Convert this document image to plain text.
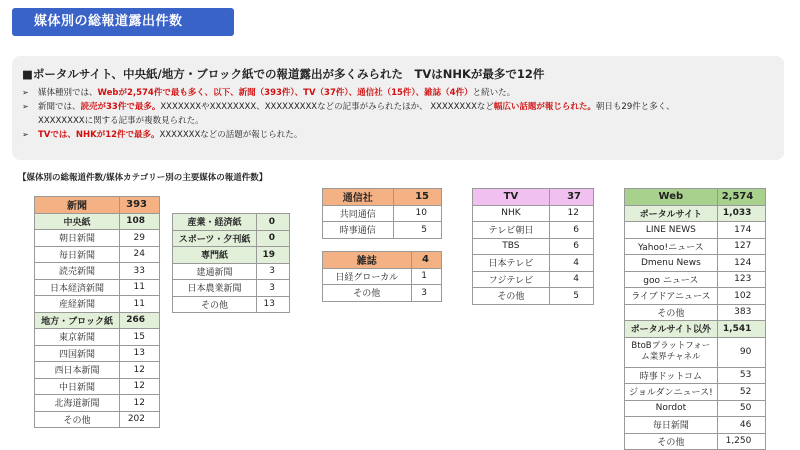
媒体別の総報道露出件数
■ポータルサイト、中央紙/地方・ブロック紙での報道露出が多くみられた　TVはNHKが最多で12件
➢ 媒体種別では、Webが2,574件で最も多く、以下、新聞（393件）、TV（37件）、通信社（15件）、雑誌（4件）と続いた。
➢ 新聞では、読売が33件で最多。XXXXXXXやXXXXXXXX、XXXXXXXXXなどの記事がみられたほか、 XXXXXXXXなど幅広い話題が報じられた。朝日も29件と多く、
XXXXXXXXに関する記事が複数見られた。
➢ TVでは、NHKが12件で最多。XXXXXXXなどの話題が報じられた。
【媒体別の総報道件数/媒体カテゴリー別の主要媒体の報道件数】
新聞	393
中央紙	108
朝日新聞	29
毎日新聞	24
読売新聞	33
日本経済新聞	11
産経新聞	11
地方・ブロック紙	266
東京新聞	15
四国新聞	13
西日本新聞	12
中日新聞	12
北海道新聞	12
その他	202
産業・経済紙	0
スポーツ・夕刊紙	0
専門紙	19
建通新聞	3
日本農業新聞	3
その他	13
通信社	15
共同通信	10
時事通信	5
雑誌	4
日経グローカル	1
その他	3
TV	37
NHK	12
テレビ朝日	6
TBS	6
日本テレビ	4
フジテレビ	4
その他	5
Web	2,574
ポータルサイト	1,033
LINE NEWS	174
Yahoo!ニュース	127
Dmenu News	124
goo ニュース	123
ライブドアニュース	102
その他	383
ポータルサイト以外	1,541
BtoBプラットフォーム業界チャネル	90
時事ドットコム	53
ジョルダンニュース!	52
Nordot	50
毎日新聞	46
その他	1,250
